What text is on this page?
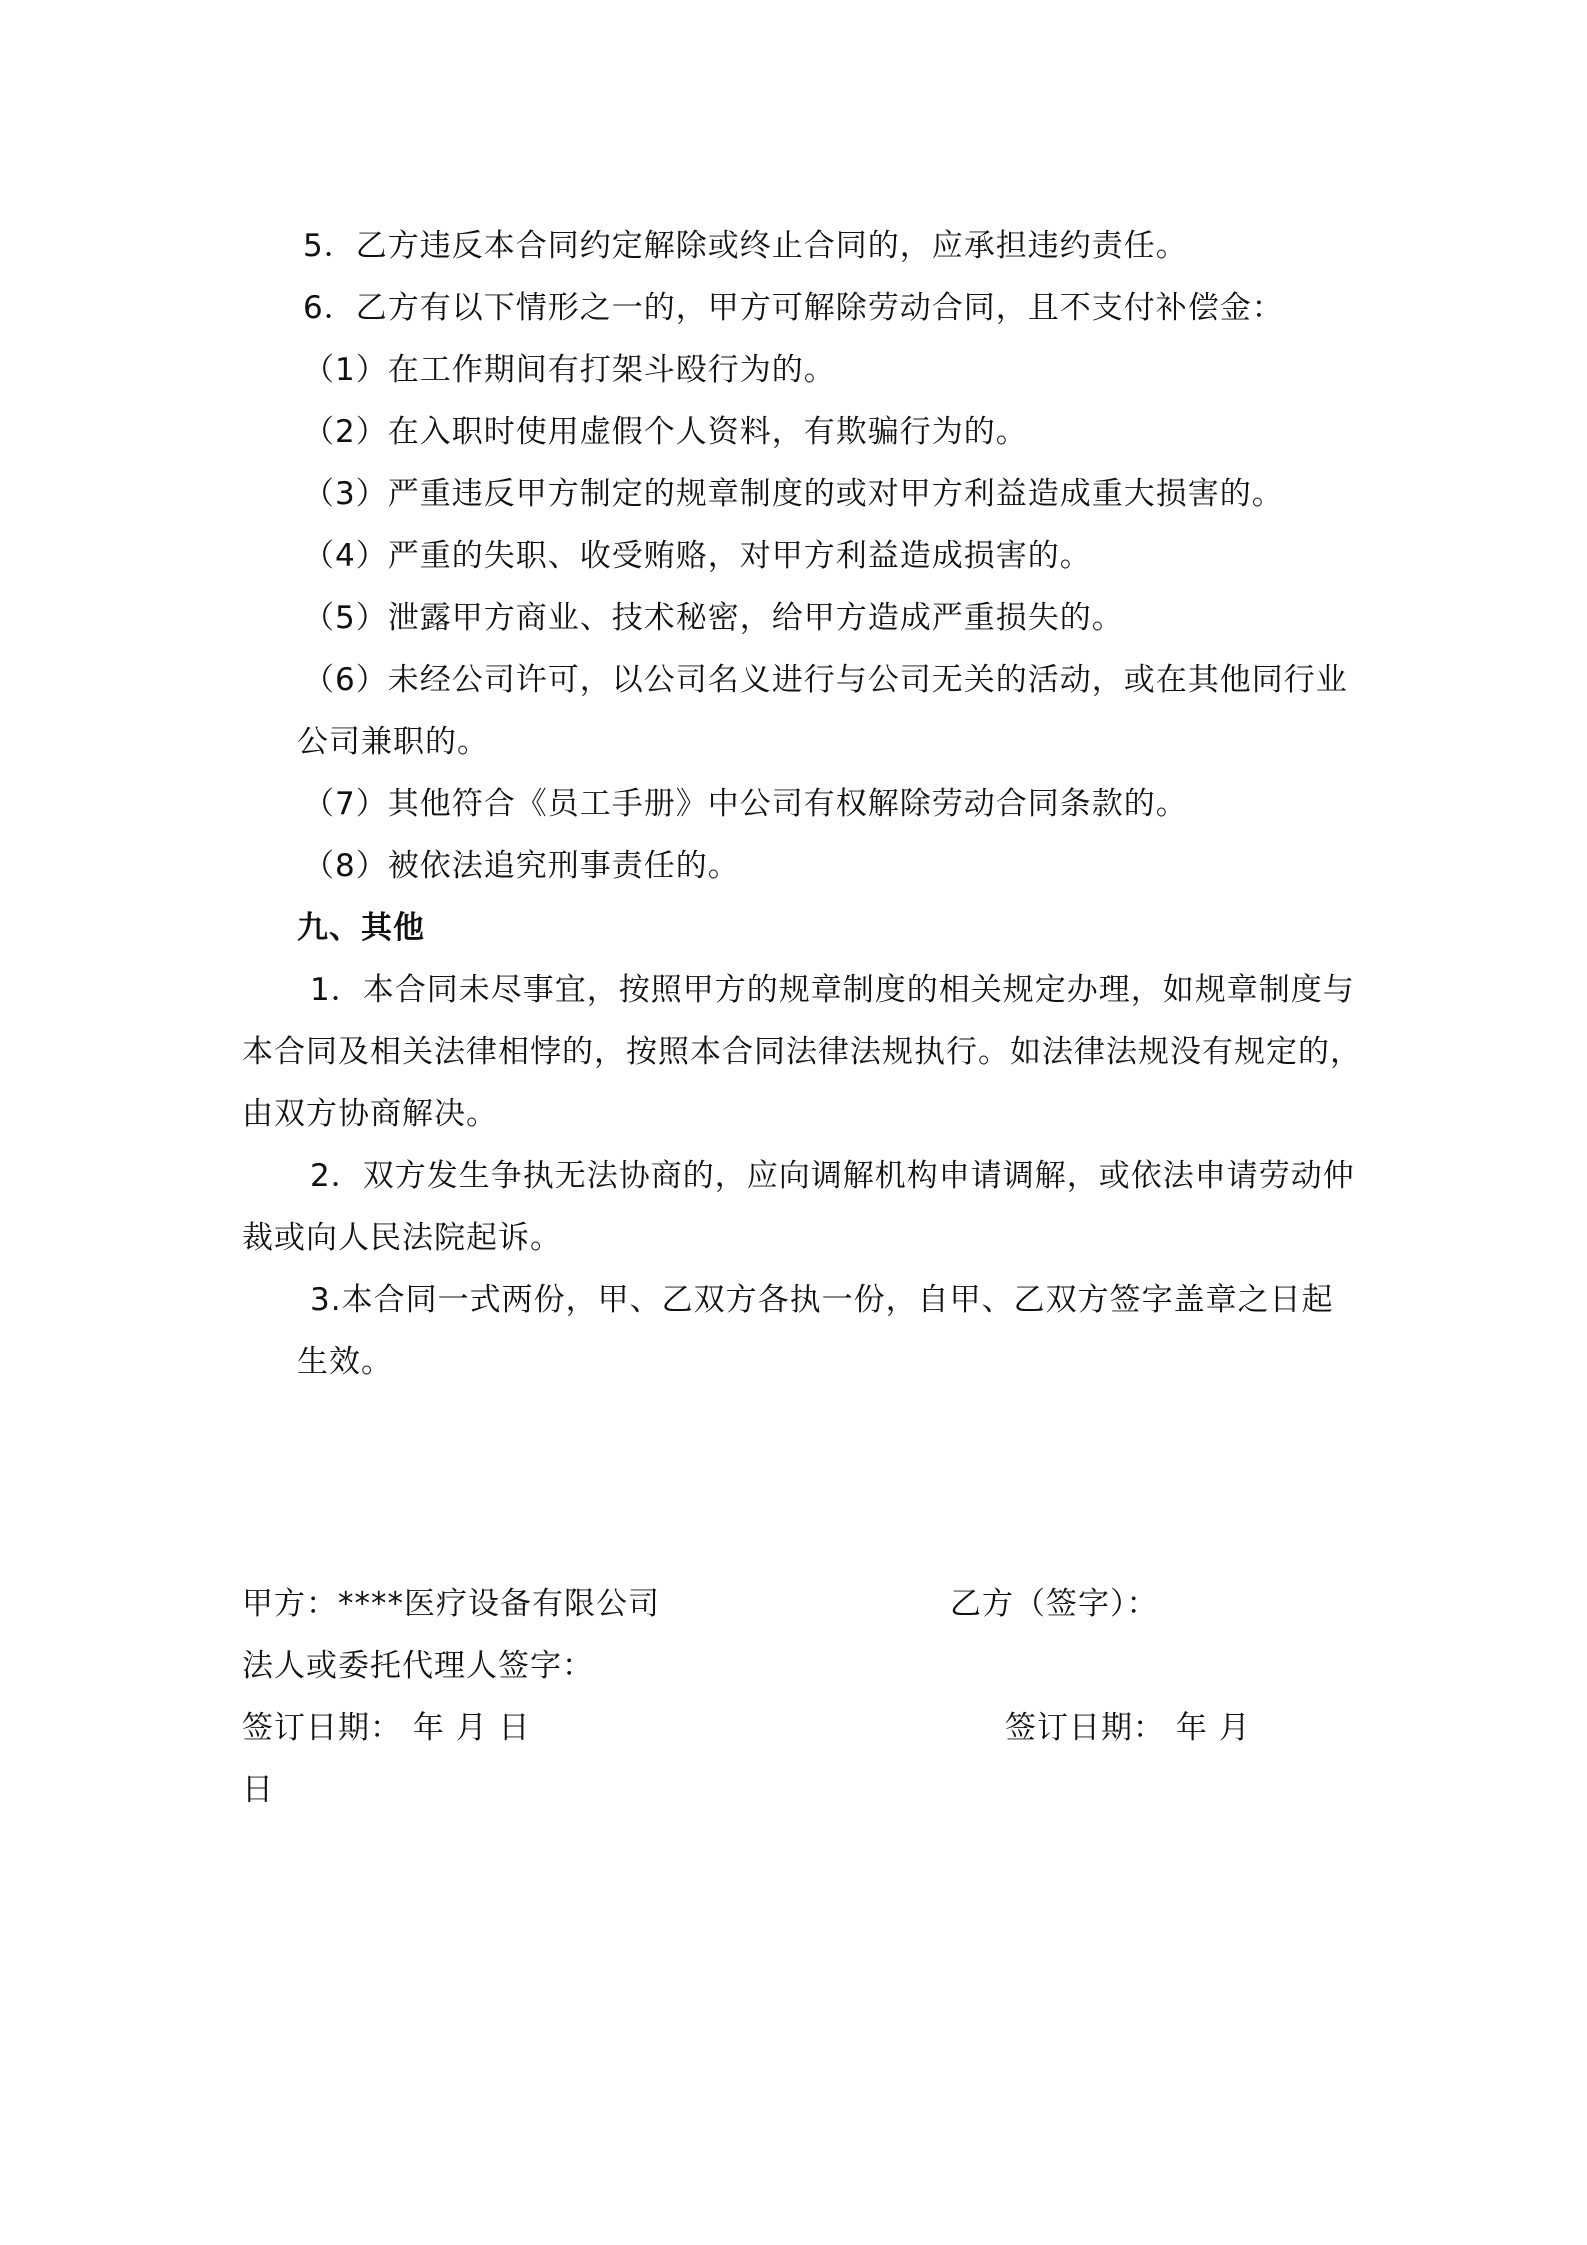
5．乙方违反本合同约定解除或终止合同的，应承担违约责任。
6．乙方有以下情形之一的，甲方可解除劳动合同，且不支付补偿金：
（1）在工作期间有打架斗殴行为的。
（2）在入职时使用虚假个人资料，有欺骗行为的。
（3）严重违反甲方制定的规章制度的或对甲方利益造成重大损害的。
（4）严重的失职、收受贿赂，对甲方利益造成损害的。
（5）泄露甲方商业、技术秘密，给甲方造成严重损失的。
（6）未经公司许可，以公司名义进行与公司无关的活动，或在其他同行业
公司兼职的。
（7）其他符合《员工手册》中公司有权解除劳动合同条款的。
（8）被依法追究刑事责任的。
九、其他
1．本合同未尽事宜，按照甲方的规章制度的相关规定办理，如规章制度与
本合同及相关法律相悖的，按照本合同法律法规执行。如法律法规没有规定的，
由双方协商解决。
2．双方发生争执无法协商的，应向调解机构申请调解，或依法申请劳动仲
裁或向人民法院起诉。
3.本合同一式两份，甲、乙双方各执一份，自甲、乙双方签字盖章之日起
生效。
甲方：****医疗设备有限公司	乙方（签字）：
法人或委托代理人签字：
签订日期： 年 月 日	签订日期： 年 月
日
